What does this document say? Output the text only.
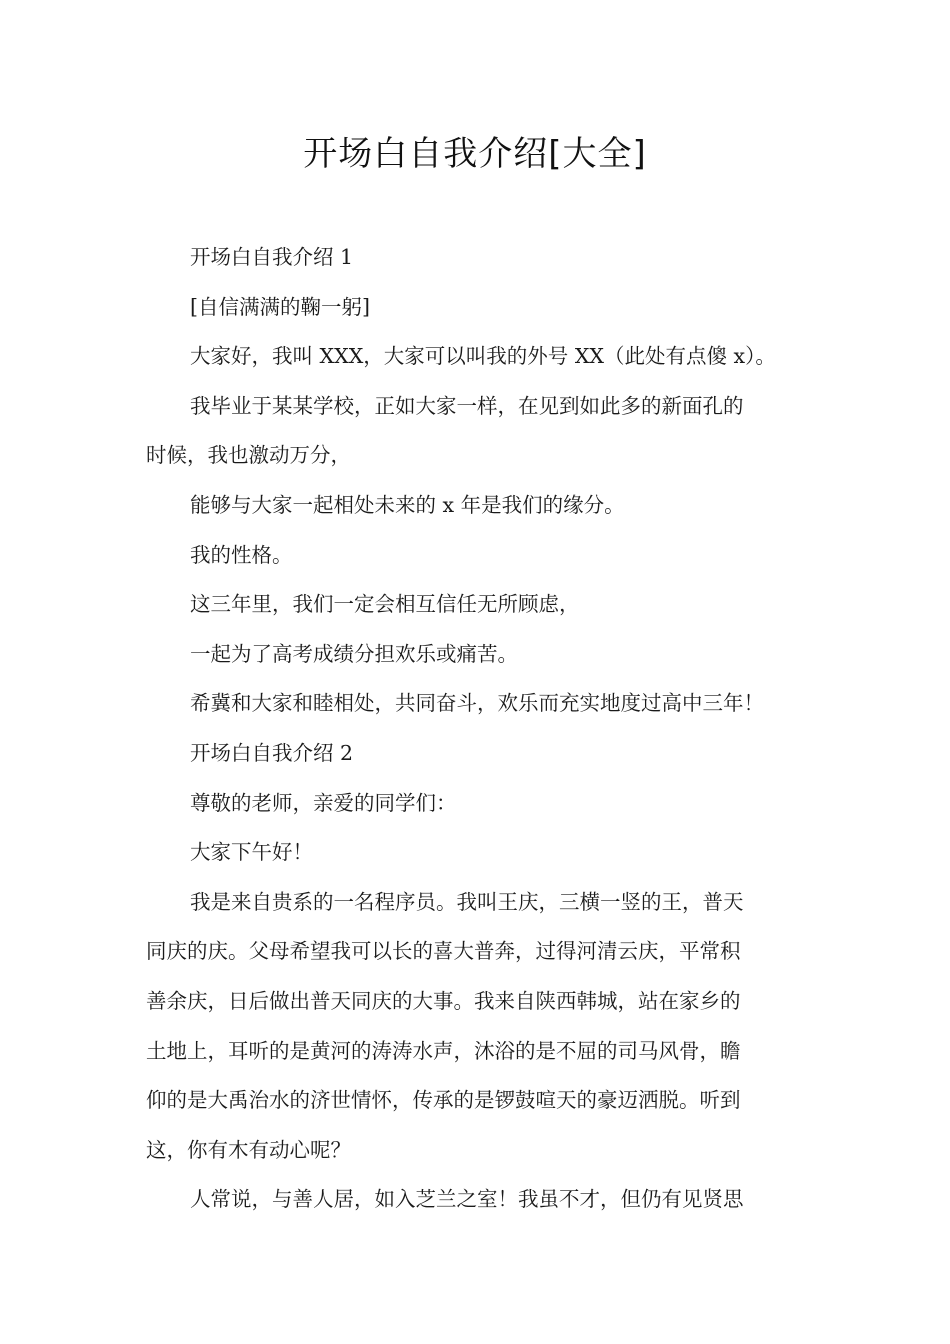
开场白自我介绍[大全]

开场白自我介绍 1

[自信满满的鞠一躬]

大家好，我叫 XXX，大家可以叫我的外号 XX（此处有点傻 x）。

我毕业于某某学校，正如大家一样，在见到如此多的新面孔的
时候，我也激动万分，

能够与大家一起相处未来的 x 年是我们的缘分。

我的性格。

这三年里，我们一定会相互信任无所顾虑，

一起为了高考成绩分担欢乐或痛苦。

希冀和大家和睦相处，共同奋斗，欢乐而充实地度过高中三年！

开场白自我介绍 2

尊敬的老师，亲爱的同学们：

大家下午好！

我是来自贵系的一名程序员。我叫王庆，三横一竖的王，普天
同庆的庆。父母希望我可以长的喜大普奔，过得河清云庆，平常积
善余庆，日后做出普天同庆的大事。我来自陕西韩城，站在家乡的
土地上，耳听的是黄河的涛涛水声，沐浴的是不屈的司马风骨，瞻
仰的是大禹治水的济世情怀，传承的是锣鼓喧天的豪迈洒脱。听到
这，你有木有动心呢？

人常说，与善人居，如入芝兰之室！我虽不才，但仍有见贤思
